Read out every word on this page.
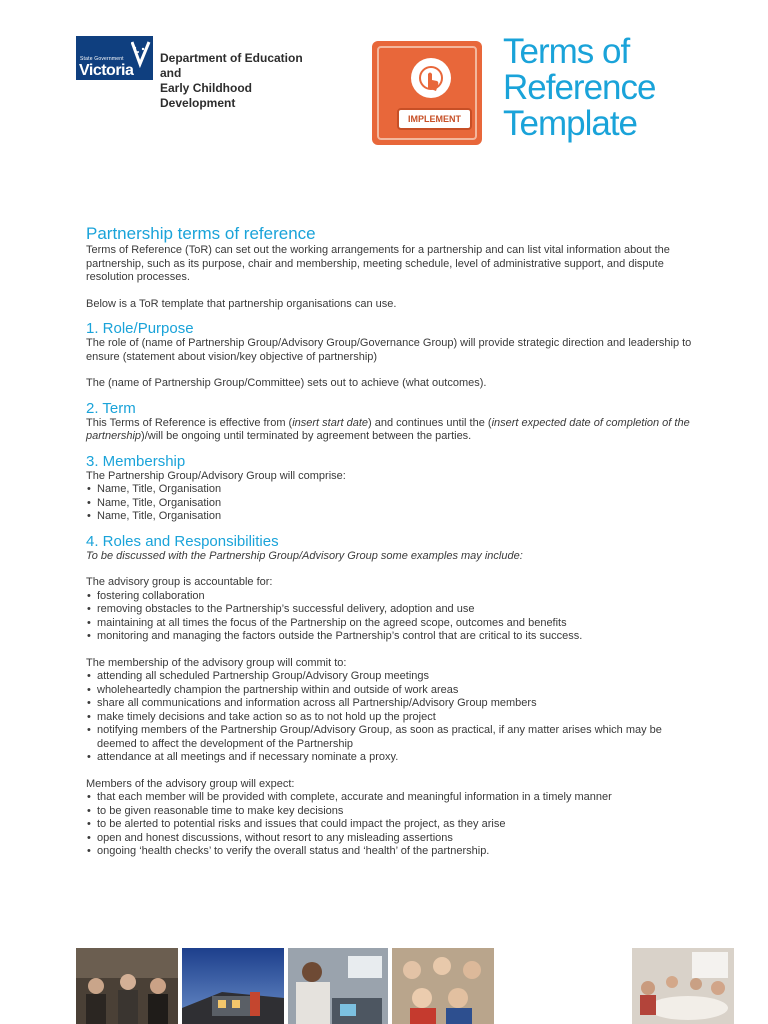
State Government
Victoria
Department of Education and
Early Childhood Development
IMPLEMENT
Terms of
Reference
Template
Partnership terms of reference

Terms of Reference (ToR) can set out the working arrangements for a partnership and can list vital information about the

partnership, such as its purpose, chair and membership, meeting schedule, level of administrative support, and dispute

resolution processes.

Below is a ToR template that partnership organisations can use.

1. Role/Purpose

The role of (name of Partnership Group/Advisory Group/Governance Group) will provide strategic direction and leadership to

ensure (statement about vision/key objective of partnership)

The (name of Partnership Group/Committee) sets out to achieve (what outcomes).

2. Term

This Terms of Reference is effective from (insert start date) and continues until the (insert expected date of completion of the

partnership)/will be ongoing until terminated by agreement between the parties.

3. Membership

The Partnership Group/Advisory Group will comprise:

• Name, Title, Organisation
• Name, Title, Organisation
• Name, Title, Organisation
4. Roles and Responsibilities

To be discussed with the Partnership Group/Advisory Group some examples may include:

The advisory group is accountable for:

• fostering collaboration
• removing obstacles to the Partnership’s successful delivery, adoption and use
• maintaining at all times the focus of the Partnership on the agreed scope, outcomes and benefits
• monitoring and managing the factors outside the Partnership’s control that are critical to its success.

The membership of the advisory group will commit to:

• attending all scheduled Partnership Group/Advisory Group meetings
• wholeheartedly champion the partnership within and outside of work areas
• share all communications and information across all Partnership/Advisory Group members
• make timely decisions and take action so as to not hold up the project
• notifying members of the Partnership Group/Advisory Group, as soon as practical, if any matter arises which may be
deemed to affect the development of the Partnership
• attendance at all meetings and if necessary nominate a proxy.

Members of the advisory group will expect:

• that each member will be provided with complete, accurate and meaningful information in a timely manner
• to be given reasonable time to make key decisions
• to be alerted to potential risks and issues that could impact the project, as they arise
• open and honest discussions, without resort to any misleading assertions
• ongoing ‘health checks’ to verify the overall status and ‘health’ of the partnership.
